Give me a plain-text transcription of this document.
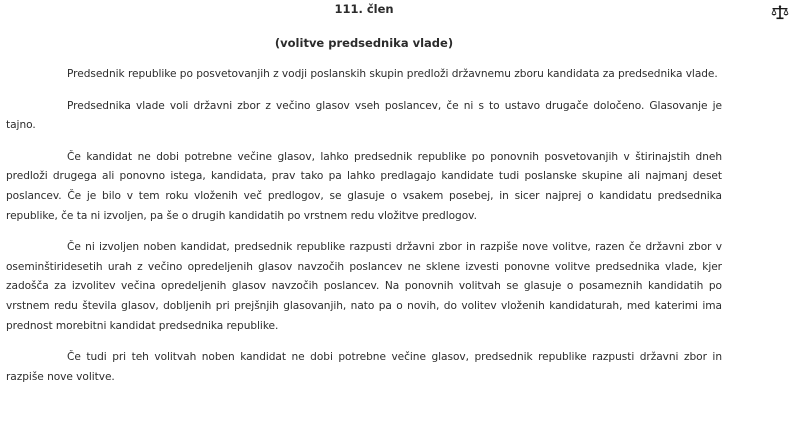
111. člen

(volitve predsednika vlade)

Predsednik republike po posvetovanjih z vodji poslanskih skupin predloži državnemu zboru kandidata za predsednika vlade.

Predsednika vlade voli državni zbor z večino glasov vseh poslancev, če ni s to ustavo drugače določeno. Glasovanje je tajno.

Če kandidat ne dobi potrebne večine glasov, lahko predsednik republike po ponovnih posvetovanjih v štirinajstih dneh predloži drugega ali ponovno istega, kandidata, prav tako pa lahko predlagajo kandidate tudi poslanske skupine ali najmanj deset poslancev. Če je bilo v tem roku vloženih več predlogov, se glasuje o vsakem posebej, in sicer najprej o kandidatu predsednika republike, če ta ni izvoljen, pa še o drugih kandidatih po vrstnem redu vložitve predlogov.

Če ni izvoljen noben kandidat, predsednik republike razpusti državni zbor in razpiše nove volitve, razen če državni zbor v oseminštiridesetih urah z večino opredeljenih glasov navzočih poslancev ne sklene izvesti ponovne volitve predsednika vlade, kjer zadošča za izvolitev večina opredeljenih glasov navzočih poslancev. Na ponovnih volitvah se glasuje o posameznih kandidatih po vrstnem redu števila glasov, dobljenih pri prejšnjih glasovanjih, nato pa o novih, do volitev vloženih kandidaturah, med katerimi ima prednost morebitni kandidat predsednika republike.

Če tudi pri teh volitvah noben kandidat ne dobi potrebne večine glasov, predsednik republike razpusti državni zbor in razpiše nove volitve.
